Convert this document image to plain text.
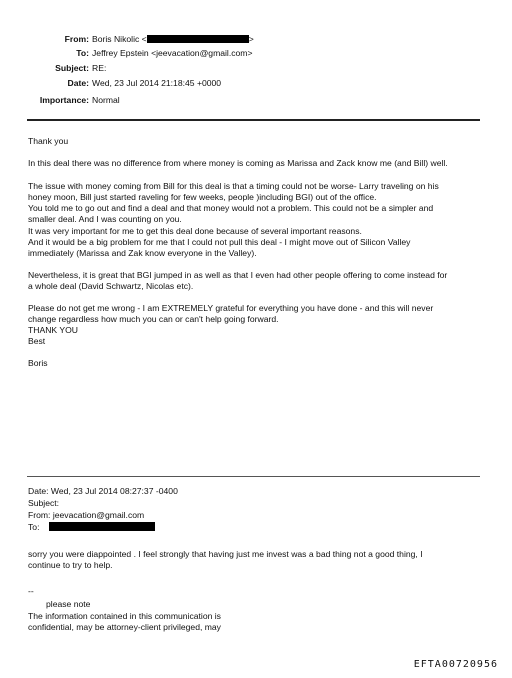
From: Boris Nikolic <	>
To: Jeffrey Epstein <jeevacation@gmail.com>
Subject: RE:
Date: Wed, 23 Jul 2014 21:18:45 +0000
Importance: Normal

Thank you

In this deal there was no difference from where money is coming as Marissa and Zack know me (and Bill) well.

The issue with money coming from Bill for this deal is that a timing could not be worse- Larry traveling on his
honey moon, Bill just started raveling for few weeks, people )including BGI) out of the office.
You told me to go out and find a deal and that money would not a problem. This could not be a simpler and
smaller deal. And I was counting on you.
It was very important for me to get this deal done because of several important reasons.
And it would be a big problem for me that I could not pull this deal - I might move out of Silicon Valley
immediately (Marissa and Zak know everyone in the Valley).
Nevertheless, it is great that BGI jumped in as well as that I even had other people offering to come instead for
a whole deal (David Schwartz, Nicolas etc).
Please do not get me wrong - I am EXTREMELY grateful for everything you have done - and this will never
change regardless how much you can or can't help going forward.
THANK YOU
Best
Boris
Date: Wed, 23 Jul 2014 08:27:37 -0400
Subject:
From: jeevacation@gmail.com
To:
sorry you were diappointed . I feel strongly that having just me invest was a bad thing not a good thing, I
continue to try to help.
--
please note
The information contained in this communication is
confidential, may be attorney-client privileged, may
EFTA00720956
